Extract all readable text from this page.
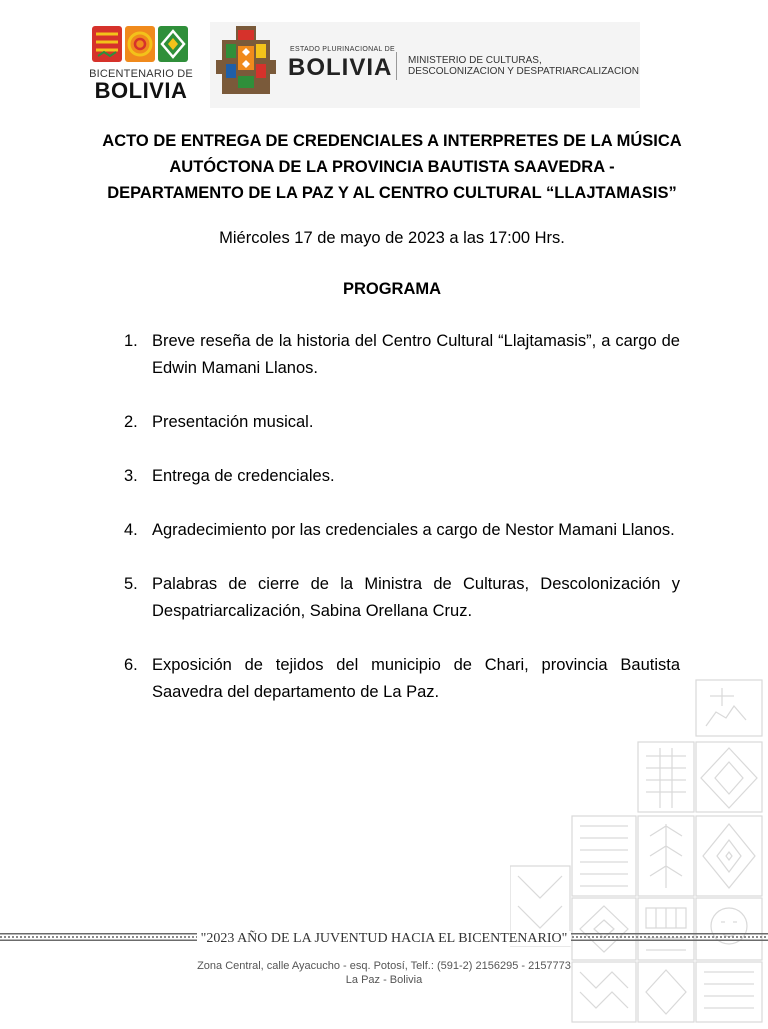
BICENTENARIO DE
BOLIVIA
ESTADO PLURINACIONAL DE
BOLIVIA MINISTERIO DE CULTURAS,
DESCOLONIZACION Y DESPATRIARCALIZACION
ACTO DE ENTREGA DE CREDENCIALES A INTERPRETES DE LA MÚSICA
AUTÓCTONA DE LA PROVINCIA BAUTISTA SAAVEDRA -
DEPARTAMENTO DE LA PAZ Y AL CENTRO CULTURAL “LLAJTAMASIS”
Miércoles 17 de mayo de 2023 a las 17:00 Hrs.
PROGRAMA
1. Breve reseña de la historia del Centro Cultural “Llajtamasis”, a cargo de Edwin Mamani Llanos.
2. Presentación musical.
3. Entrega de credenciales.
4. Agradecimiento por las credenciales a cargo de Nestor Mamani Llanos.
5. Palabras de cierre de la Ministra de Culturas, Descolonización y Despatriarcalización, Sabina Orellana Cruz.
6. Exposición de tejidos del municipio de Chari, provincia Bautista Saavedra del departamento de La Paz.
"2023 AÑO DE LA JUVENTUD HACIA EL BICENTENARIO"
Zona Central, calle Ayacucho - esq. Potosí, Telf.: (591-2) 2156295 - 2157773
La Paz - Bolivia
